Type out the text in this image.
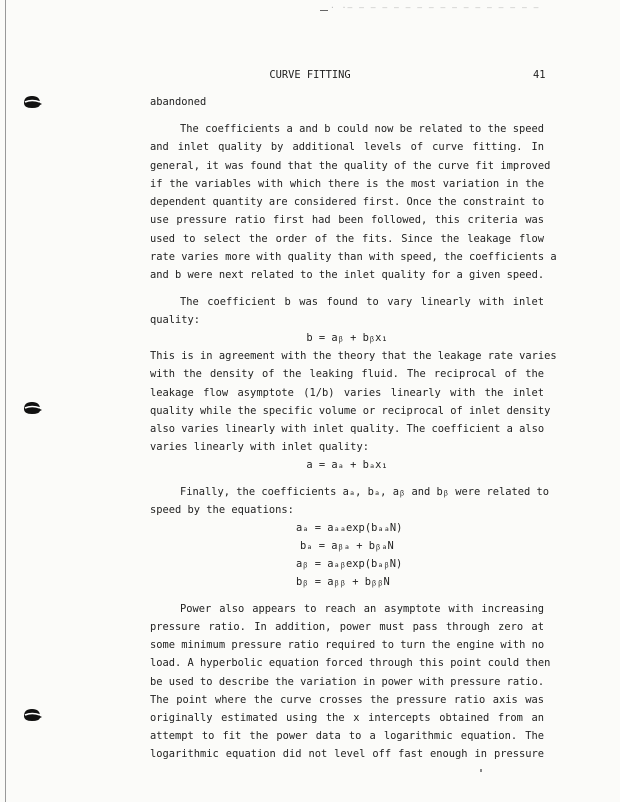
· ·— — — — — — — — — — — — — — — — —
CURVE FITTING	41
abandoned
The coefficients a and b could now be related to the speed
and inlet quality by additional levels of curve fitting. In
general, it was found that the quality of the curve fit improved
if the variables with which there is the most variation in the
dependent quantity are considered first. Once the constraint to
use pressure ratio first had been followed, this criteria was
used to select the order of the fits. Since the leakage flow
rate varies more with quality than with speed, the coefficients a
and b were next related to the inlet quality for a given speed.
The coefficient b was found to vary linearly with inlet
quality:
b = aᵦ + bᵦx₁
This is in agreement with the theory that the leakage rate varies
with the density of the leaking fluid. The reciprocal of the
leakage flow asymptote (1/b) varies linearly with the inlet
quality while the specific volume or reciprocal of inlet density
also varies linearly with inlet quality. The coefficient a also
varies linearly with inlet quality:
a = aₐ + bₐx₁
Finally, the coefficients aₐ, bₐ, aᵦ and bᵦ were related to
speed by the equations:
aₐ = aₐₐexp(bₐₐN)
bₐ = aᵦₐ + bᵦₐN
aᵦ = aₐᵦexp(bₐᵦN)
bᵦ = aᵦᵦ + bᵦᵦN
Power also appears to reach an asymptote with increasing
pressure ratio. In addition, power must pass through zero at
some minimum pressure ratio required to turn the engine with no
load. A hyperbolic equation forced through this point could then
be used to describe the variation in power with pressure ratio.
The point where the curve crosses the pressure ratio axis was
originally estimated using the x intercepts obtained from an
attempt to fit the power data to a logarithmic equation. The
logarithmic equation did not level off fast enough in pressure
